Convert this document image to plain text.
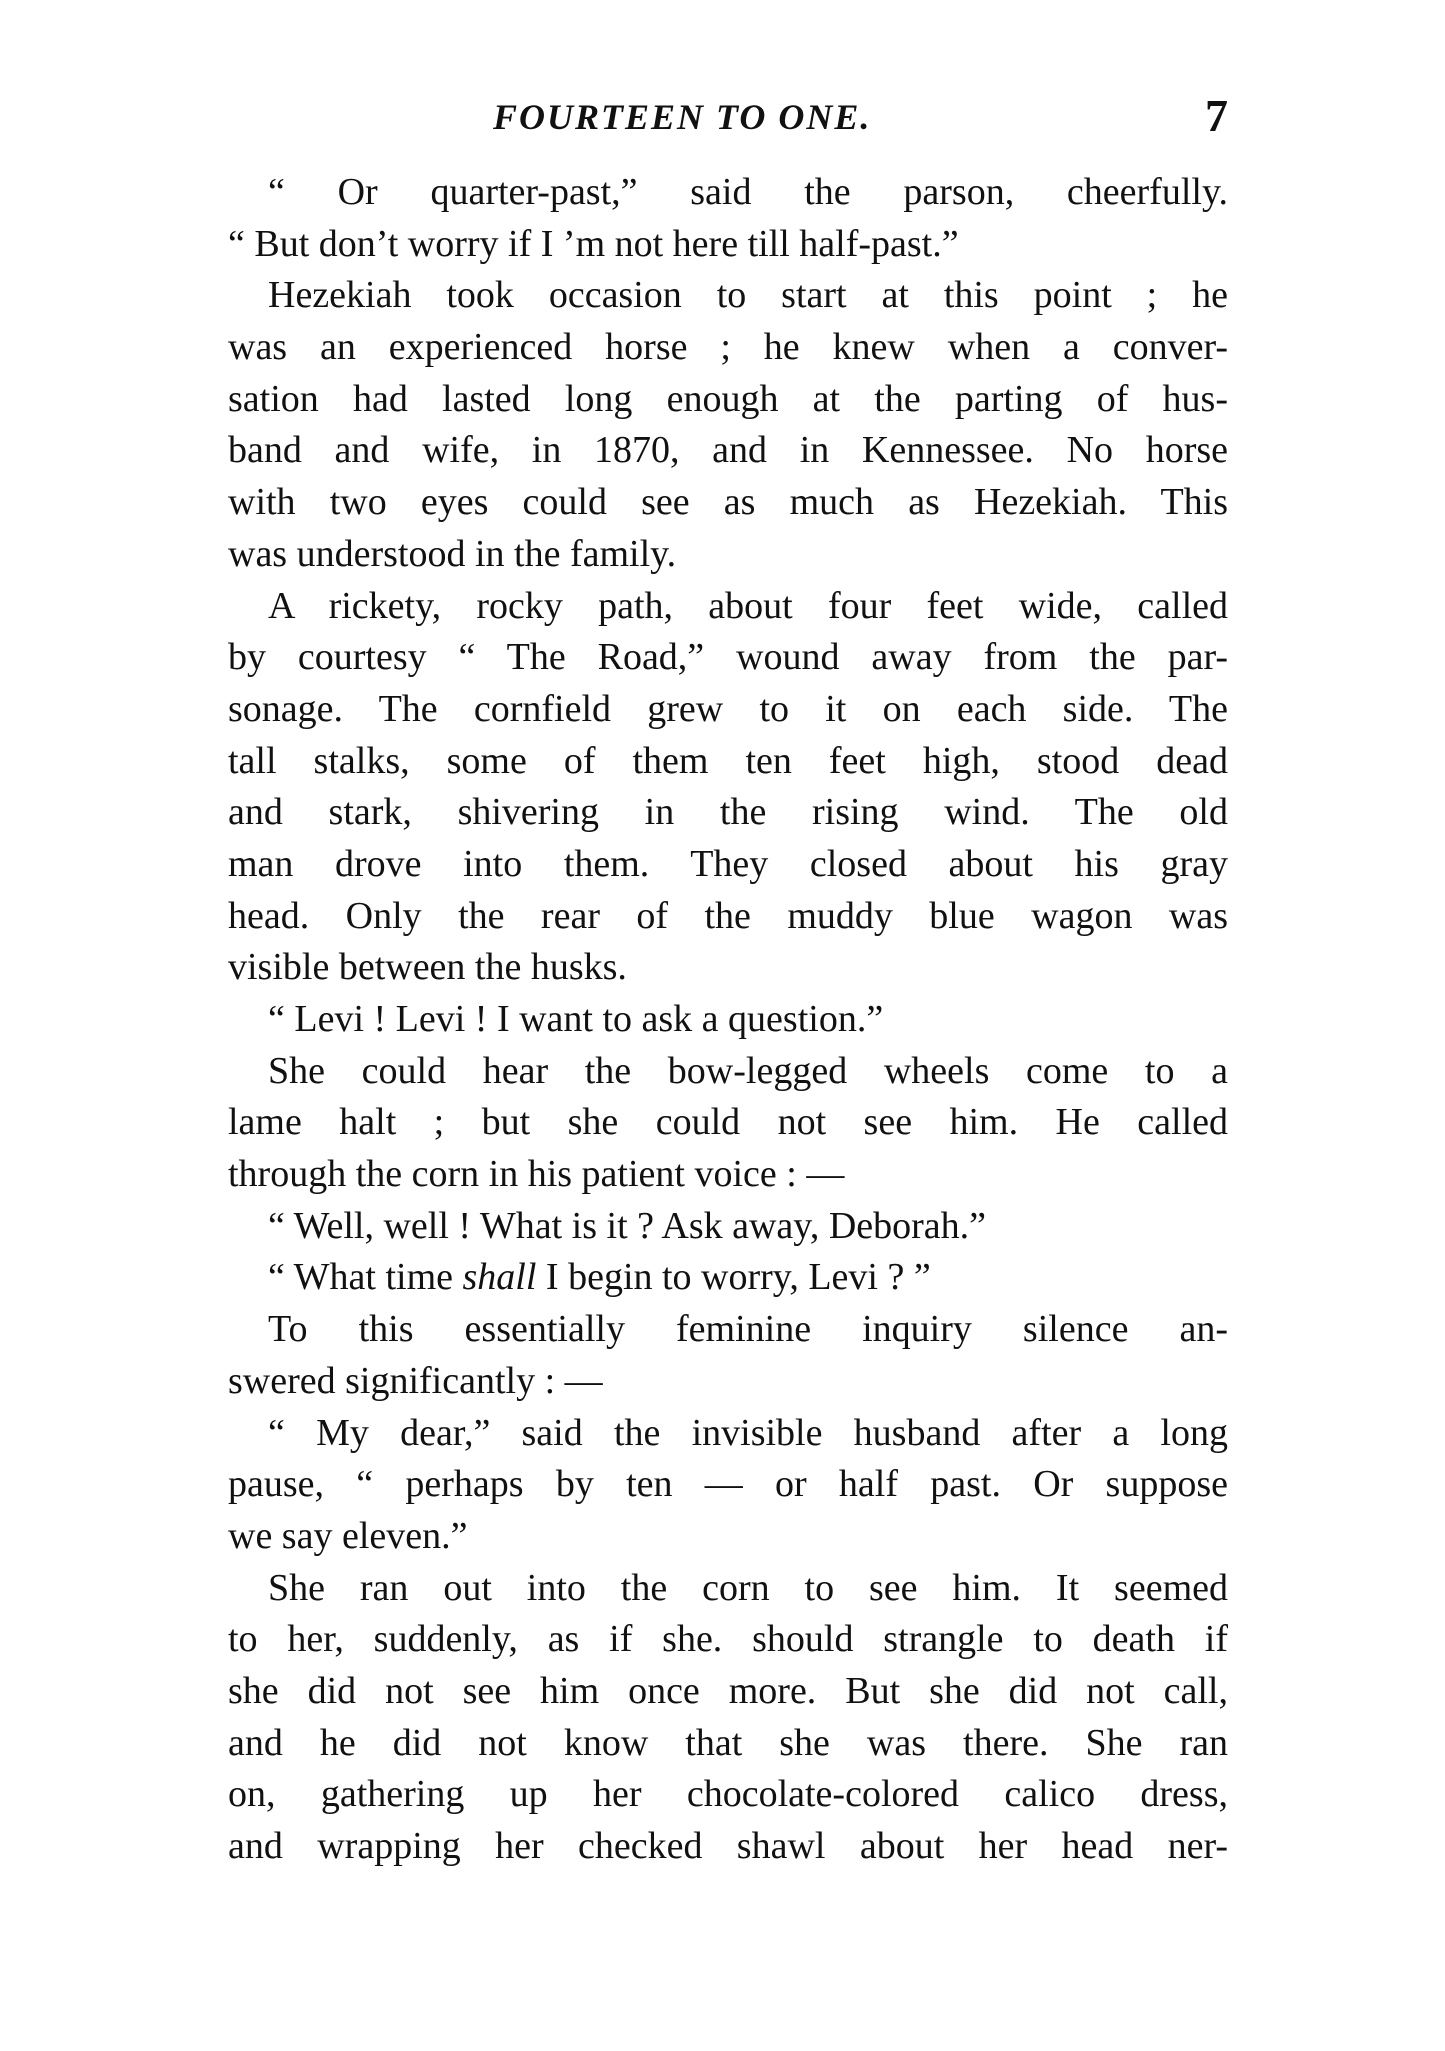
FOURTEEN TO ONE.	7
“ Or quarter-past,” said the parson, cheerfully.
“ But don’t worry if I ’m not here till half-past.”
Hezekiah took occasion to start at this point ; he
was an experienced horse ; he knew when a conver-
sation had lasted long enough at the parting of hus-
band and wife, in 1870, and in Kennessee. No horse
with two eyes could see as much as Hezekiah. This
was understood in the family.
A rickety, rocky path, about four feet wide, called
by courtesy “ The Road,” wound away from the par-
sonage. The cornfield grew to it on each side. The
tall stalks, some of them ten feet high, stood dead
and stark, shivering in the rising wind. The old
man drove into them. They closed about his gray
head. Only the rear of the muddy blue wagon was
visible between the husks.
“ Levi ! Levi ! I want to ask a question.”
She could hear the bow-legged wheels come to a
lame halt ; but she could not see him. He called
through the corn in his patient voice : —
“ Well, well ! What is it ? Ask away, Deborah.”
“ What time shall I begin to worry, Levi ? ”
To this essentially feminine inquiry silence an-
swered significantly : —
“ My dear,” said the invisible husband after a long
pause, “ perhaps by ten — or half past. Or suppose
we say eleven.”
She ran out into the corn to see him. It seemed
to her, suddenly, as if she. should strangle to death if
she did not see him once more. But she did not call,
and he did not know that she was there. She ran
on, gathering up her chocolate-colored calico dress,
and wrapping her checked shawl about her head ner-
